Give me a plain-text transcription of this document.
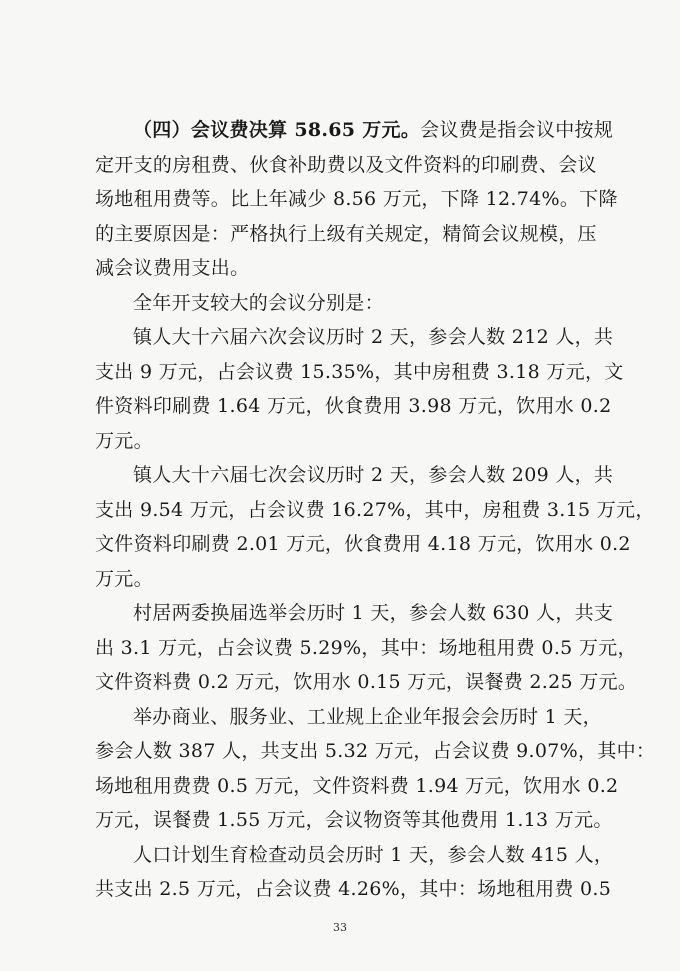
（四）会议费决算 58.65 万元。会议费是指会议中按规
定开支的房租费、伙食补助费以及文件资料的印刷费、会议
场地租用费等。比上年减少 8.56 万元，下降 12.74%。下降
的主要原因是：严格执行上级有关规定，精简会议规模，压
减会议费用支出。
全年开支较大的会议分别是：
镇人大十六届六次会议历时 2 天，参会人数 212 人，共
支出 9 万元，占会议费 15.35%，其中房租费 3.18 万元，文
件资料印刷费 1.64 万元，伙食费用 3.98 万元，饮用水 0.2
万元。
镇人大十六届七次会议历时 2 天，参会人数 209 人，共
支出 9.54 万元，占会议费 16.27%，其中，房租费 3.15 万元，
文件资料印刷费 2.01 万元，伙食费用 4.18 万元，饮用水 0.2
万元。
村居两委换届选举会历时 1 天，参会人数 630 人，共支
出 3.1 万元，占会议费 5.29%，其中：场地租用费 0.5 万元，
文件资料费 0.2 万元，饮用水 0.15 万元，误餐费 2.25 万元。
举办商业、服务业、工业规上企业年报会会历时 1 天，
参会人数 387 人，共支出 5.32 万元，占会议费 9.07%，其中：
场地租用费费 0.5 万元，文件资料费 1.94 万元，饮用水 0.2
万元，误餐费 1.55 万元，会议物资等其他费用 1.13 万元。
人口计划生育检查动员会历时 1 天，参会人数 415 人，
共支出 2.5 万元，占会议费 4.26%，其中：场地租用费 0.5
33
